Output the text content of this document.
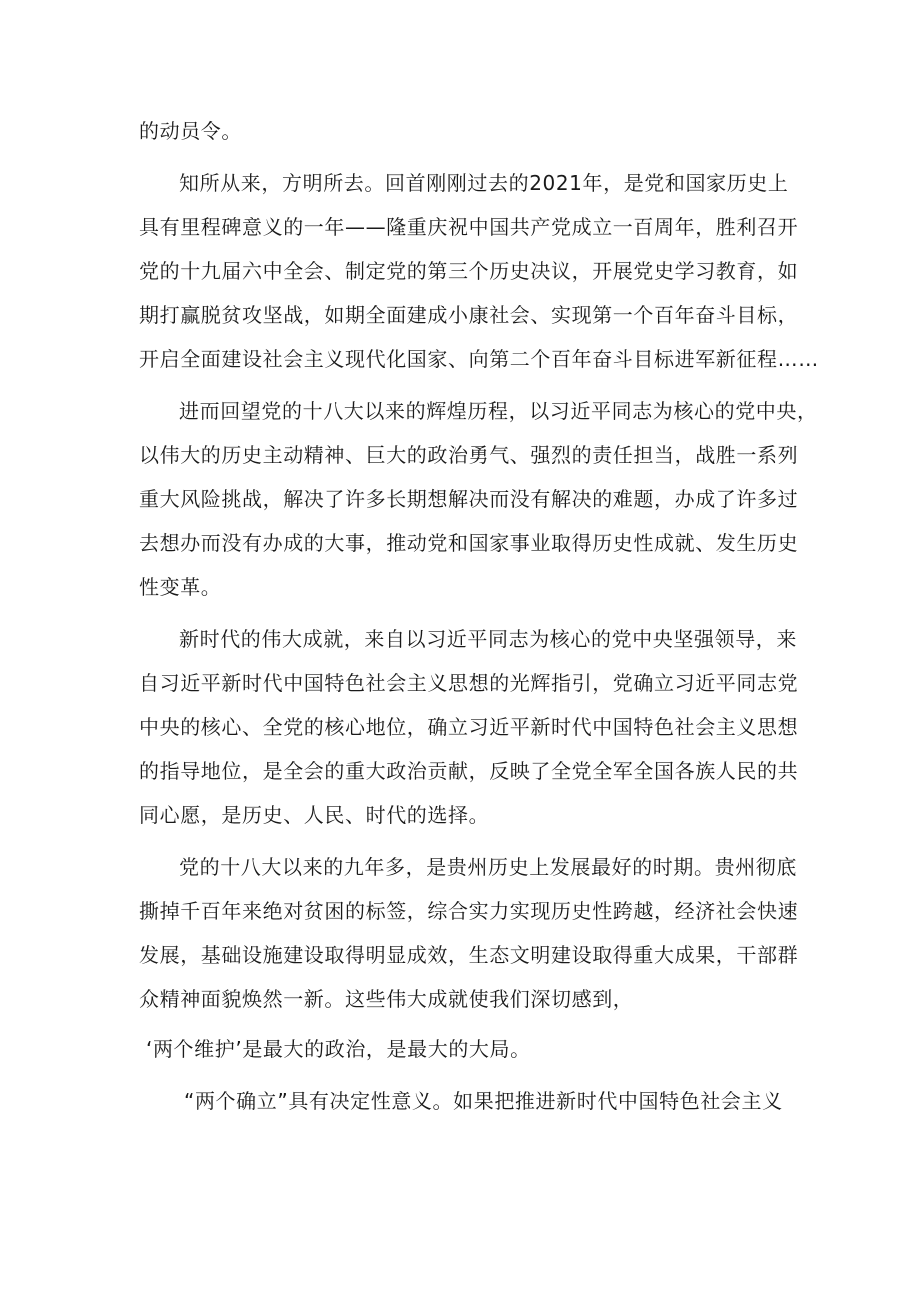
的动员令。
知所从来，方明所去。回首刚刚过去的2021年，是党和国家历史上
具有里程碑意义的一年——隆重庆祝中国共产党成立一百周年，胜利召开
党的十九届六中全会、制定党的第三个历史决议，开展党史学习教育，如
期打赢脱贫攻坚战，如期全面建成小康社会、实现第一个百年奋斗目标，
开启全面建设社会主义现代化国家、向第二个百年奋斗目标进军新征程……
进而回望党的十八大以来的辉煌历程，以习近平同志为核心的党中央，
以伟大的历史主动精神、巨大的政治勇气、强烈的责任担当，战胜一系列
重大风险挑战，解决了许多长期想解决而没有解决的难题，办成了许多过
去想办而没有办成的大事，推动党和国家事业取得历史性成就、发生历史
性变革。
新时代的伟大成就，来自以习近平同志为核心的党中央坚强领导，来
自习近平新时代中国特色社会主义思想的光辉指引，党确立习近平同志党
中央的核心、全党的核心地位，确立习近平新时代中国特色社会主义思想
的指导地位，是全会的重大政治贡献，反映了全党全军全国各族人民的共
同心愿，是历史、人民、时代的选择。
党的十八大以来的九年多，是贵州历史上发展最好的时期。贵州彻底
撕掉千百年来绝对贫困的标签，综合实力实现历史性跨越，经济社会快速
发展，基础设施建设取得明显成效，生态文明建设取得重大成果，干部群
众精神面貌焕然一新。这些伟大成就使我们深切感到，
‘两个维护’是最大的政治，是最大的大局。
“两个确立”具有决定性意义。如果把推进新时代中国特色社会主义
